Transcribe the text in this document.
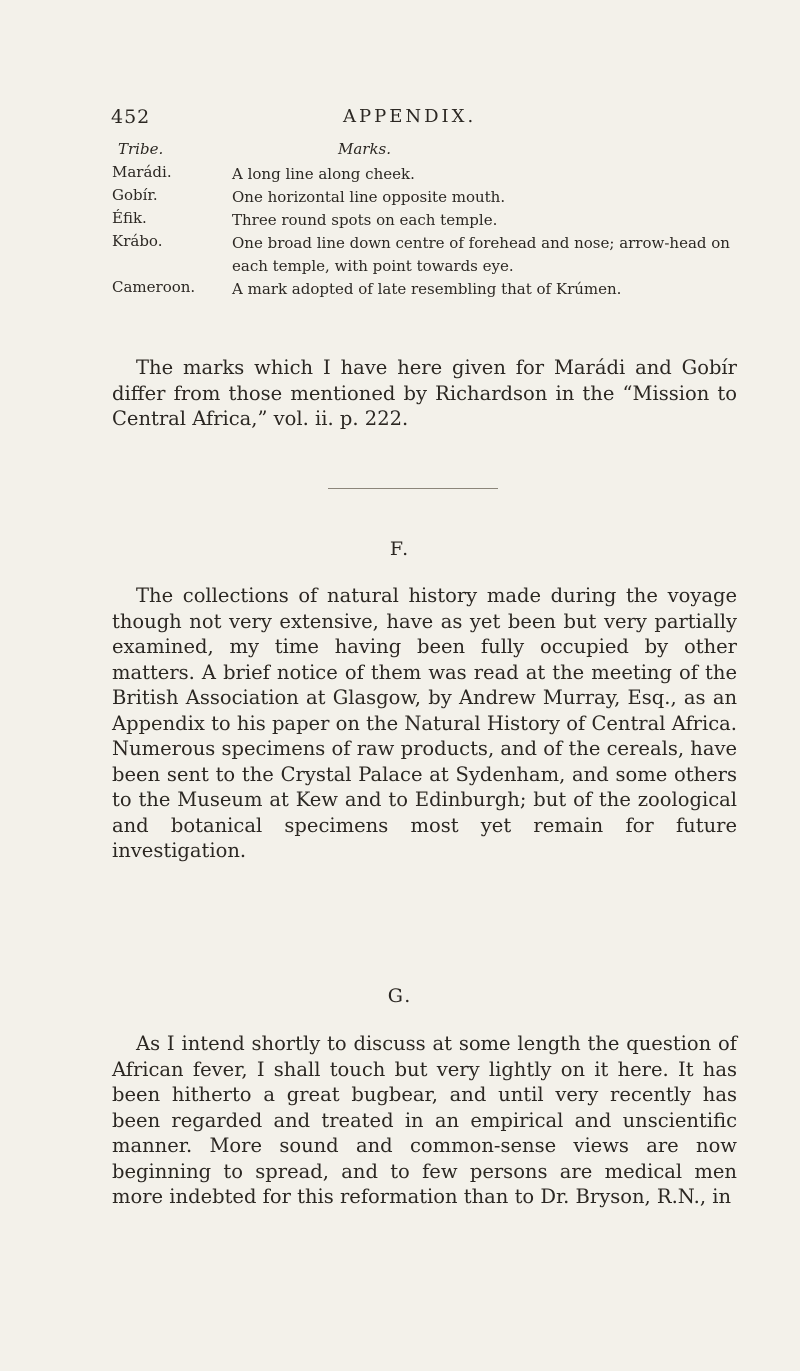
452	APPENDIX.
Tribe.	Marks.
Marádi.	A long line along cheek.
Gobír.	One horizontal line opposite mouth.
Éfik.	Three round spots on each temple.
Krábo.	One broad line down centre of forehead and nose; arrow-head on each temple, with point towards eye.
Cameroon.	A mark adopted of late resembling that of Krúmen.

The marks which I have here given for Marádi and Gobír differ from those mentioned by Richardson in the “Mission to Central Africa,” vol. ii. p. 222.

F.

The collections of natural history made during the voyage though not very extensive, have as yet been but very partially examined, my time having been fully occupied by other matters. A brief notice of them was read at the meeting of the British Association at Glasgow, by Andrew Murray, Esq., as an Appendix to his paper on the Natural History of Central Africa. Numerous specimens of raw products, and of the cereals, have been sent to the Crystal Palace at Sydenham, and some others to the Museum at Kew and to Edinburgh; but of the zoological and botanical specimens most yet remain for future investigation.

G.

As I intend shortly to discuss at some length the question of African fever, I shall touch but very lightly on it here. It has been hitherto a great bugbear, and until very recently has been regarded and treated in an empirical and unscientific manner. More sound and common-sense views are now beginning to spread, and to few persons are medical men more indebted for this reformation than to Dr. Bryson, R.N., in
